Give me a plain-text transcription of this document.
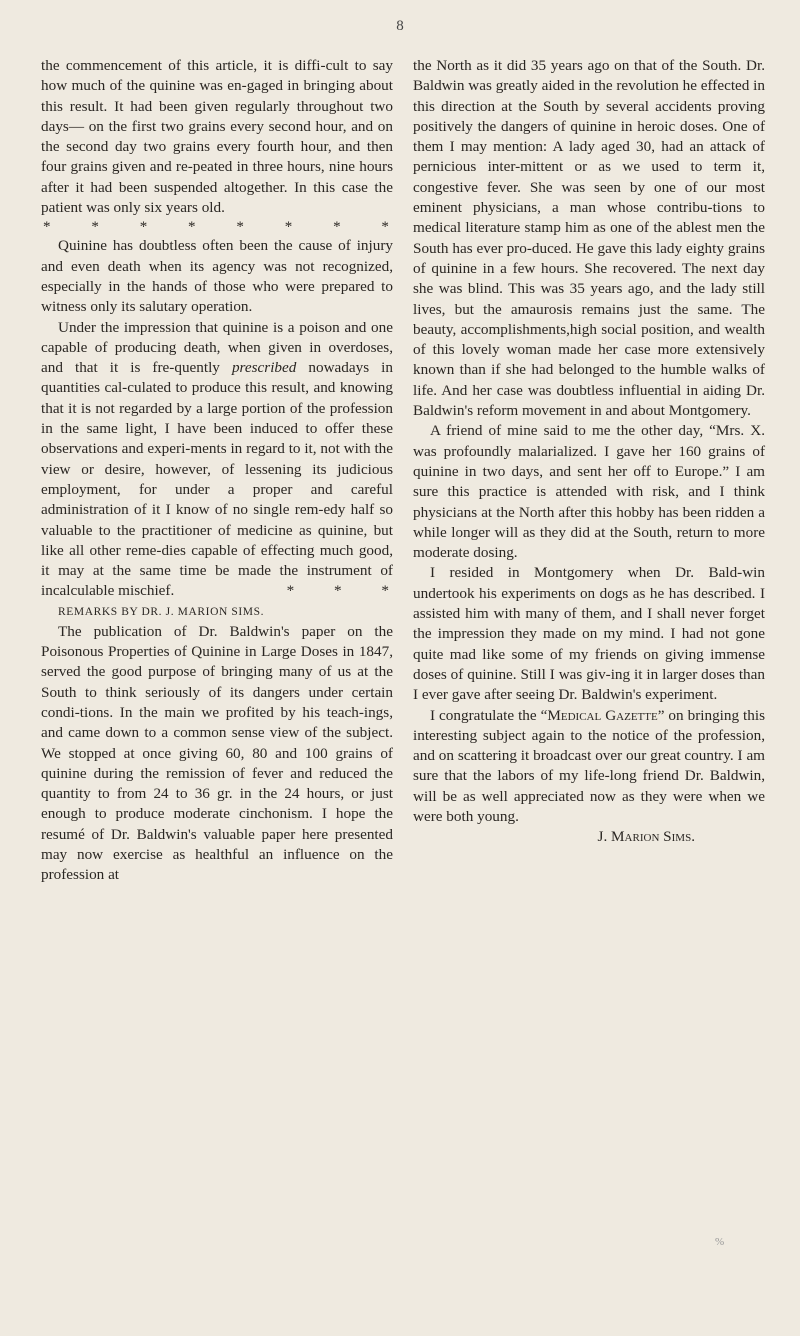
8

the commencement of this article, it is diffi-cult to say how much of the quinine was en-gaged in bringing about this result. It had been given regularly throughout two days— on the first two grains every second hour, and on the second day two grains every fourth hour, and then four grains given and re-peated in three hours, nine hours after it had been suspended altogether. In this case the patient was only six years old.

*	*	*	*	*	*	*	*

Quinine has doubtless often been the cause of injury and even death when its agency was not recognized, especially in the hands of those who were prepared to witness only its salutary operation.

Under the impression that quinine is a poison and one capable of producing death, when given in overdoses, and that it is fre-quently prescribed nowadays in quantities cal-culated to produce this result, and knowing that it is not regarded by a large portion of the profession in the same light, I have been induced to offer these observations and experi-ments in regard to it, not with the view or desire, however, of lessening its judicious employment, for under a proper and careful administration of it I know of no single rem-edy half so valuable to the practitioner of medicine as quinine, but like all other reme-dies capable of effecting much good, it may at the same time be made the instrument of incalculable mischief.	* * *

REMARKS BY DR. J. MARION SIMS.

The publication of Dr. Baldwin's paper on the Poisonous Properties of Quinine in Large Doses in 1847, served the good purpose of bringing many of us at the South to think seriously of its dangers under certain condi-tions. In the main we profited by his teach-ings, and came down to a common sense view of the subject. We stopped at once giving 60, 80 and 100 grains of quinine during the remission of fever and reduced the quantity to from 24 to 36 gr. in the 24 hours, or just enough to produce moderate cinchonism. I hope the resumé of Dr. Baldwin's valuable paper here presented may now exercise as healthful an influence on the profession at

the North as it did 35 years ago on that of the South. Dr. Baldwin was greatly aided in the revolution he effected in this direction at the South by several accidents proving positively the dangers of quinine in heroic doses. One of them I may mention: A lady aged 30, had an attack of pernicious inter-mittent or as we used to term it, congestive fever. She was seen by one of our most eminent physicians, a man whose contribu-tions to medical literature stamp him as one of the ablest men the South has ever pro-duced. He gave this lady eighty grains of quinine in a few hours. She recovered. The next day she was blind. This was 35 years ago, and the lady still lives, but the amaurosis remains just the same. The beauty, accomplishments,high social position, and wealth of this lovely woman made her case more extensively known than if she had belonged to the humble walks of life. And her case was doubtless influential in aiding Dr. Baldwin's reform movement in and about Montgomery.

A friend of mine said to me the other day, “Mrs. X. was profoundly malarialized. I gave her 160 grains of quinine in two days, and sent her off to Europe.” I am sure this practice is attended with risk, and I think physicians at the North after this hobby has been ridden a while longer will as they did at the South, return to more moderate dosing.

I resided in Montgomery when Dr. Bald-win undertook his experiments on dogs as he has described. I assisted him with many of them, and I shall never forget the impression they made on my mind. I had not gone quite mad like some of my friends on giving immense doses of quinine. Still I was giv-ing it in larger doses than I ever gave after seeing Dr. Baldwin's experiment.

I congratulate the “Medical Gazette” on bringing this interesting subject again to the notice of the profession, and on scattering it broadcast over our great country. I am sure that the labors of my life-long friend Dr. Baldwin, will be as well appreciated now as they were when we were both young.

J. Marion Sims.

%
